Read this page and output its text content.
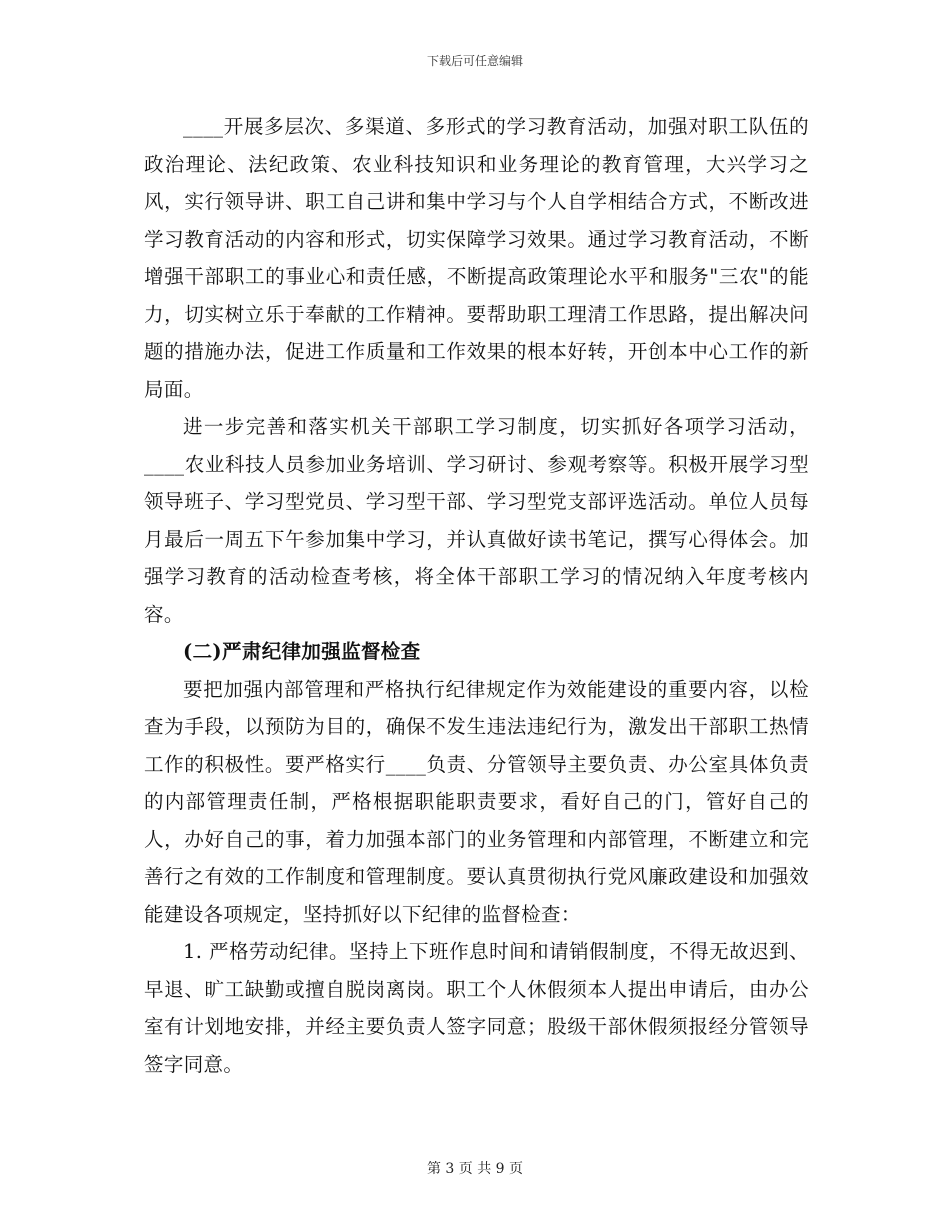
下载后可任意编辑

____开展多层次、多渠道、多形式的学习教育活动，加强对职工队伍的政治理论、法纪政策、农业科技知识和业务理论的教育管理，大兴学习之风，实行领导讲、职工自己讲和集中学习与个人自学相结合方式，不断改进学习教育活动的内容和形式，切实保障学习效果。通过学习教育活动，不断增强干部职工的事业心和责任感，不断提高政策理论水平和服务"三农"的能力，切实树立乐于奉献的工作精神。要帮助职工理清工作思路，提出解决问题的措施办法，促进工作质量和工作效果的根本好转，开创本中心工作的新局面。

进一步完善和落实机关干部职工学习制度，切实抓好各项学习活动，____农业科技人员参加业务培训、学习研讨、参观考察等。积极开展学习型领导班子、学习型党员、学习型干部、学习型党支部评选活动。单位人员每月最后一周五下午参加集中学习，并认真做好读书笔记，撰写心得体会。加强学习教育的活动检查考核，将全体干部职工学习的情况纳入年度考核内容。

(二)严肃纪律加强监督检查

要把加强内部管理和严格执行纪律规定作为效能建设的重要内容，以检查为手段，以预防为目的，确保不发生违法违纪行为，激发出干部职工热情工作的积极性。要严格实行____负责、分管领导主要负责、办公室具体负责的内部管理责任制，严格根据职能职责要求，看好自己的门，管好自己的人，办好自己的事，着力加强本部门的业务管理和内部管理，不断建立和完善行之有效的工作制度和管理制度。要认真贯彻执行党风廉政建设和加强效能建设各项规定，坚持抓好以下纪律的监督检查：

1. 严格劳动纪律。坚持上下班作息时间和请销假制度，不得无故迟到、早退、旷工缺勤或擅自脱岗离岗。职工个人休假须本人提出申请后，由办公室有计划地安排，并经主要负责人签字同意；股级干部休假须报经分管领导签字同意。

第 3 页 共 9 页
